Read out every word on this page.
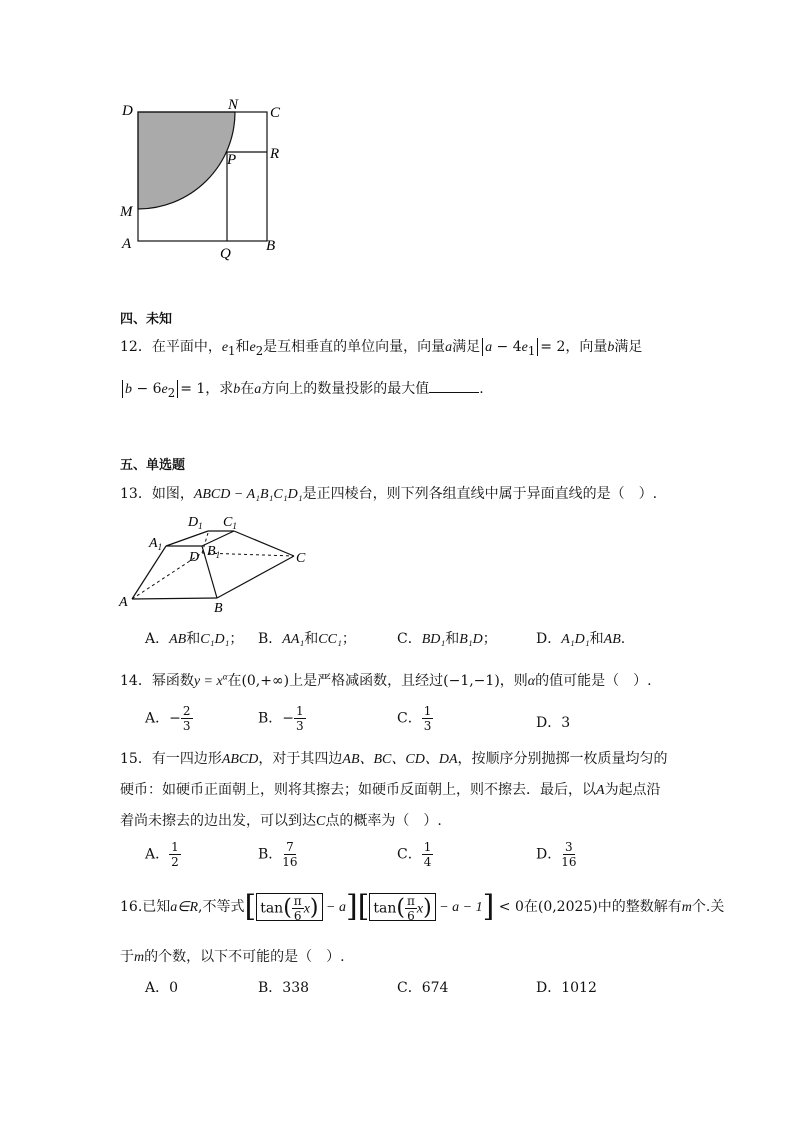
D	N C
R
P
M
A
Q B
四、未知
12．在平面中，$e_1$和$e_2$是互相垂直的单位向量，向量a满足 $a - 4e_1 = 2$，向量b满足
$b - 6e_2 = 1$，求b在a方向上的数量投影的最大值	.
五、单选题
13．如图，ABCD − A₁B₁C₁D₁是正四棱台，则下列各组直线中属于异面直线的是（　）.
$D_1$ $C_1$
$A_1$	$B_1$
D	C
A	B
A．AB和C₁D₁； B．AA₁和CC₁；	C．BD₁和B₁D；	D．A₁D₁和AB.
14．幂函数$y = x^\alpha$在(0,+∞)上是严格减函数，且经过(−1,−1)，则α的值可能是（　）.
A．− $\frac{2}{3}$	B．− $\frac{1}{3}$	C． $\frac{1}{3}$	D．3
15．有一四边形ABCD，对于其四边AB、BC、CD、DA，按顺序分别抛掷一枚质量均匀的
硬币：如硬币正面朝上，则将其擦去；如硬币反面朝上，则不擦去．最后，以A为起点沿
着尚未擦去的边出发，可以到达C点的概率为（　）.
A． $\frac{1}{2}$	B． $\frac{7}{16}$	C． $\frac{1}{4}$	D． $\frac{3}{16}$
16.已知a∈R,不等式[ $\tan( \frac{\pi}{6} x) - a$][ $\tan( \frac{\pi}{6} x) - a - 1] < 0$在(0,2025)中的整数解有m个.关
于m的个数，以下不可能的是（　）.
A．0	B．338	C．674	D．1012
